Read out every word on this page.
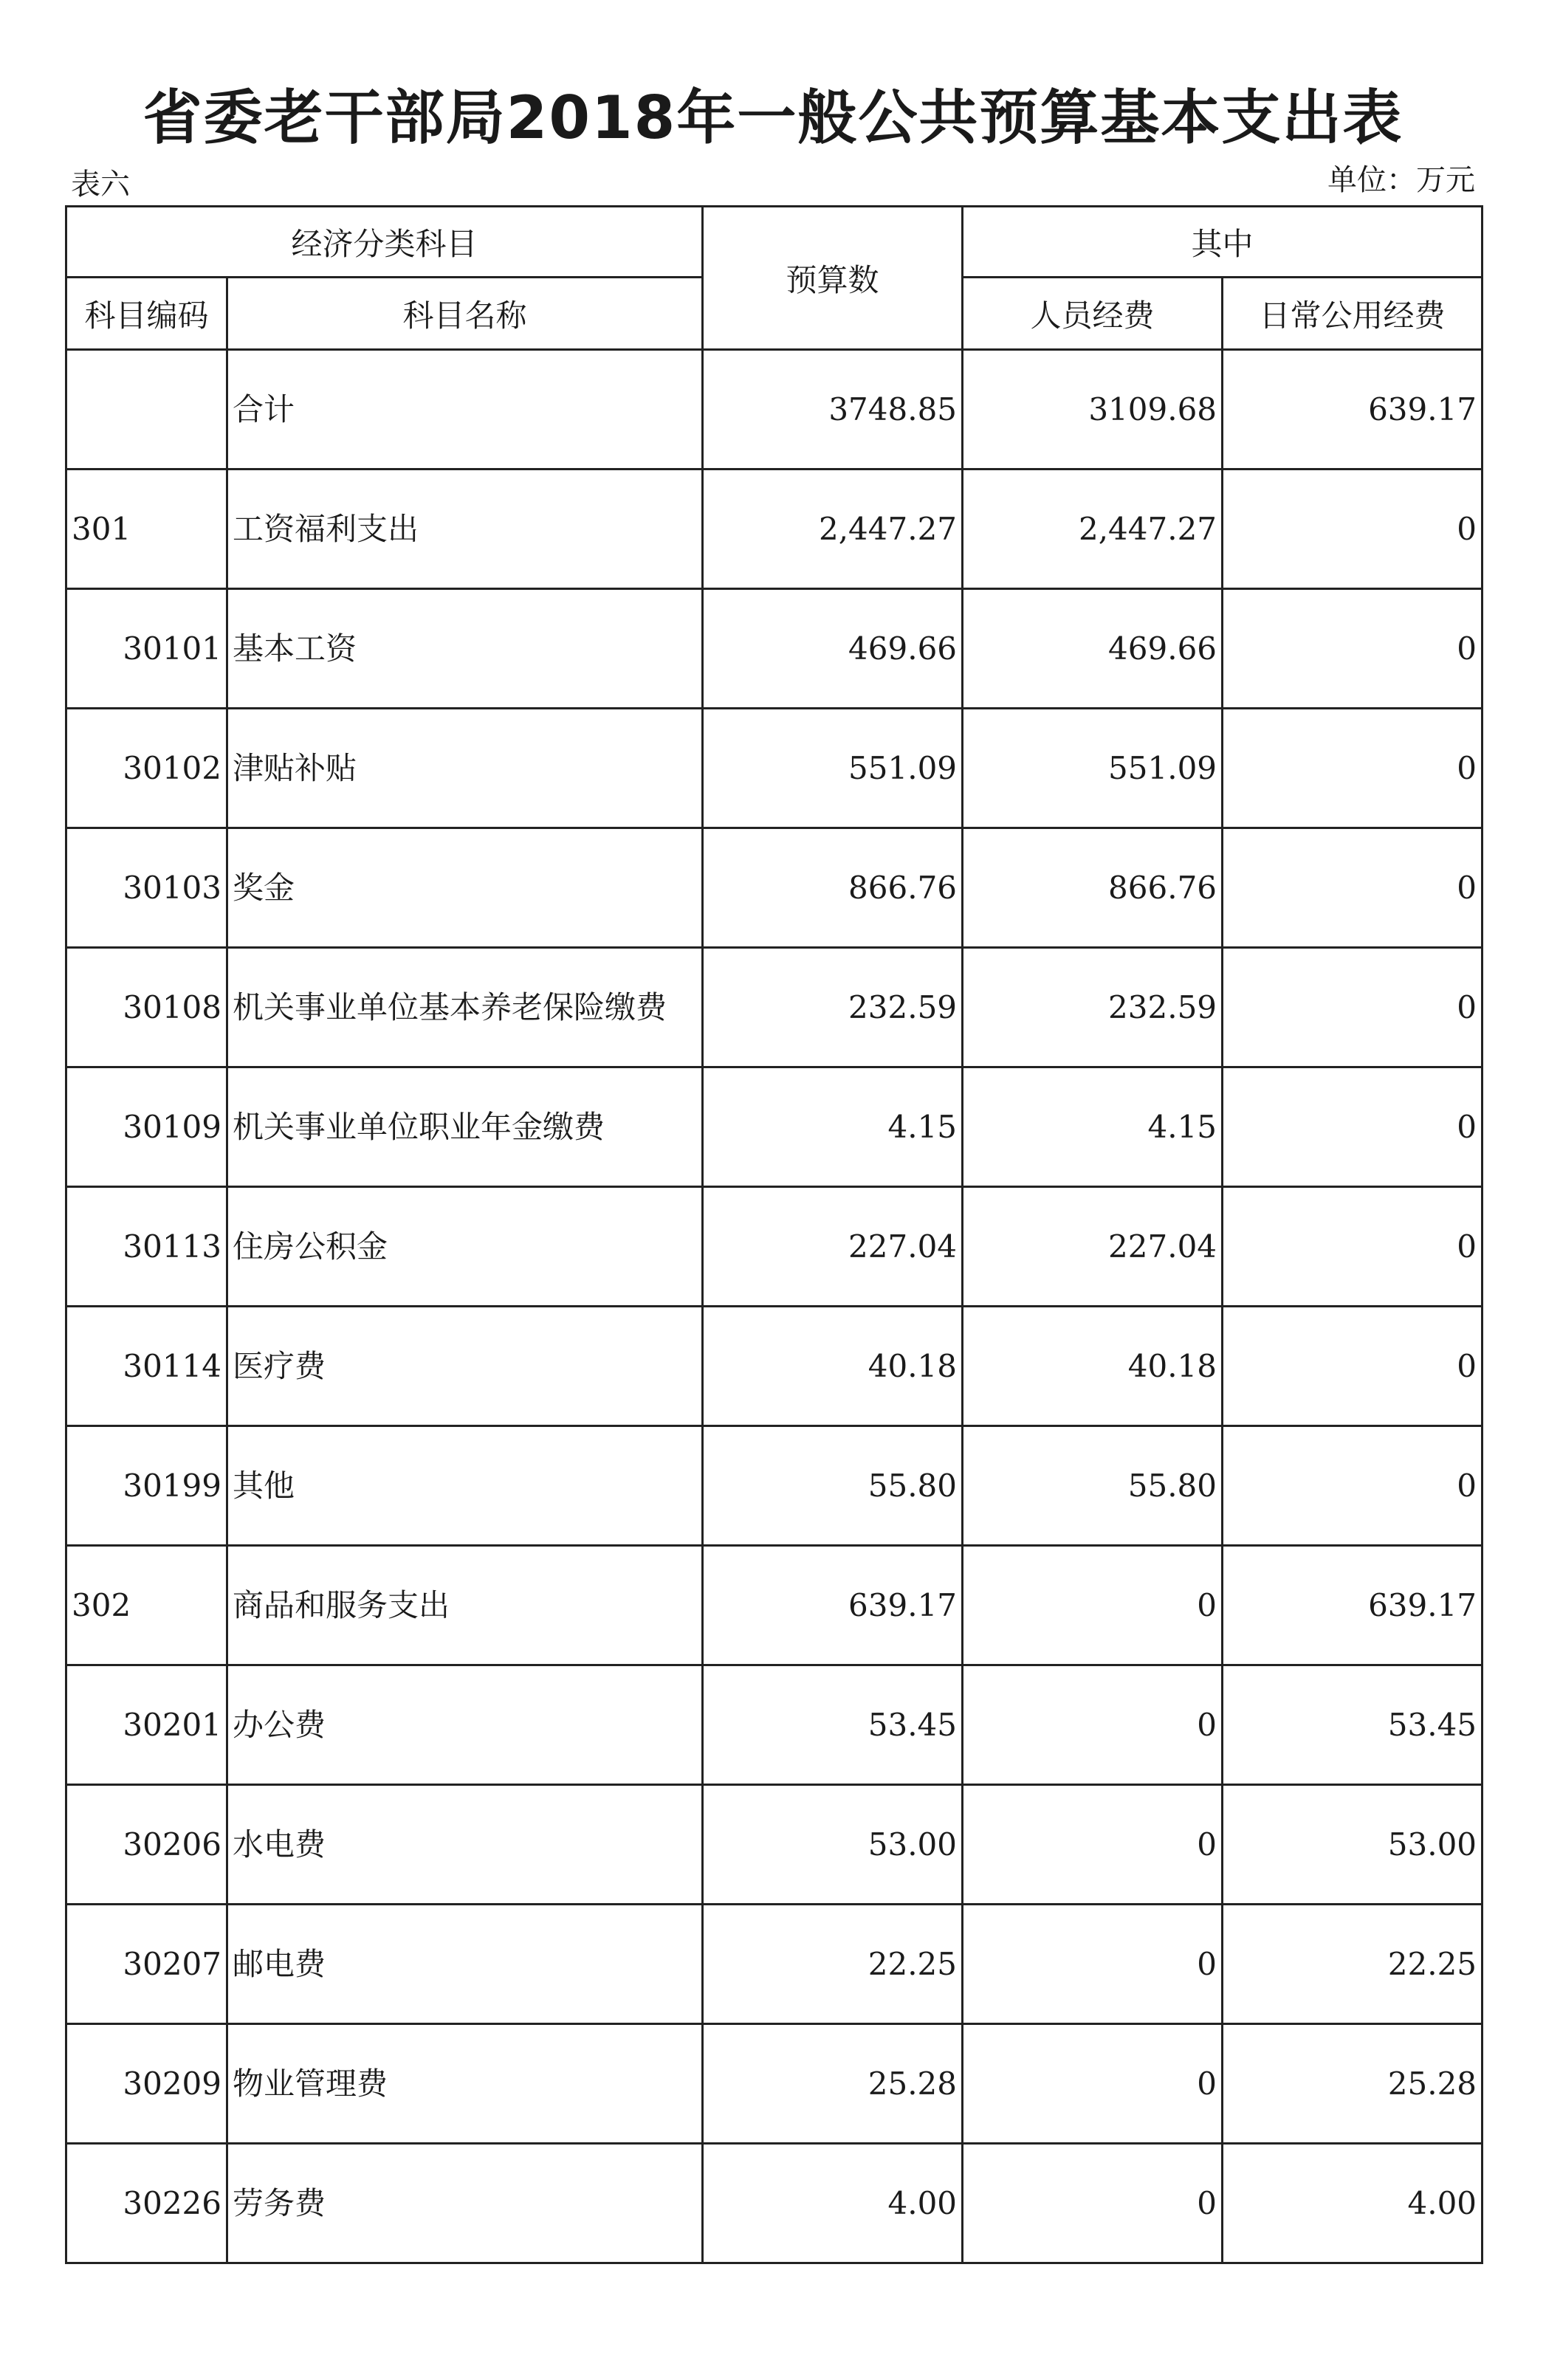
省委老干部局2018年一般公共预算基本支出表
表六	单位：万元
经济分类科目		预算数	其中	
科目编码	科目名称		人员经费	日常公用经费
	合计	3748.85	3109.68	639.17
301	工资福利支出	2,447.27	2,447.27	0
30101	基本工资	469.66	469.66	0
30102	津贴补贴	551.09	551.09	0
30103	奖金	866.76	866.76	0
30108	机关事业单位基本养老保险缴费	232.59	232.59	0
30109	机关事业单位职业年金缴费	4.15	4.15	0
30113	住房公积金	227.04	227.04	0
30114	医疗费	40.18	40.18	0
30199	其他	55.80	55.80	0
302	商品和服务支出	639.17	0	639.17
30201	办公费	53.45	0	53.45
30206	水电费	53.00	0	53.00
30207	邮电费	22.25	0	22.25
30209	物业管理费	25.28	0	25.28
30226	劳务费	4.00	0	4.00
